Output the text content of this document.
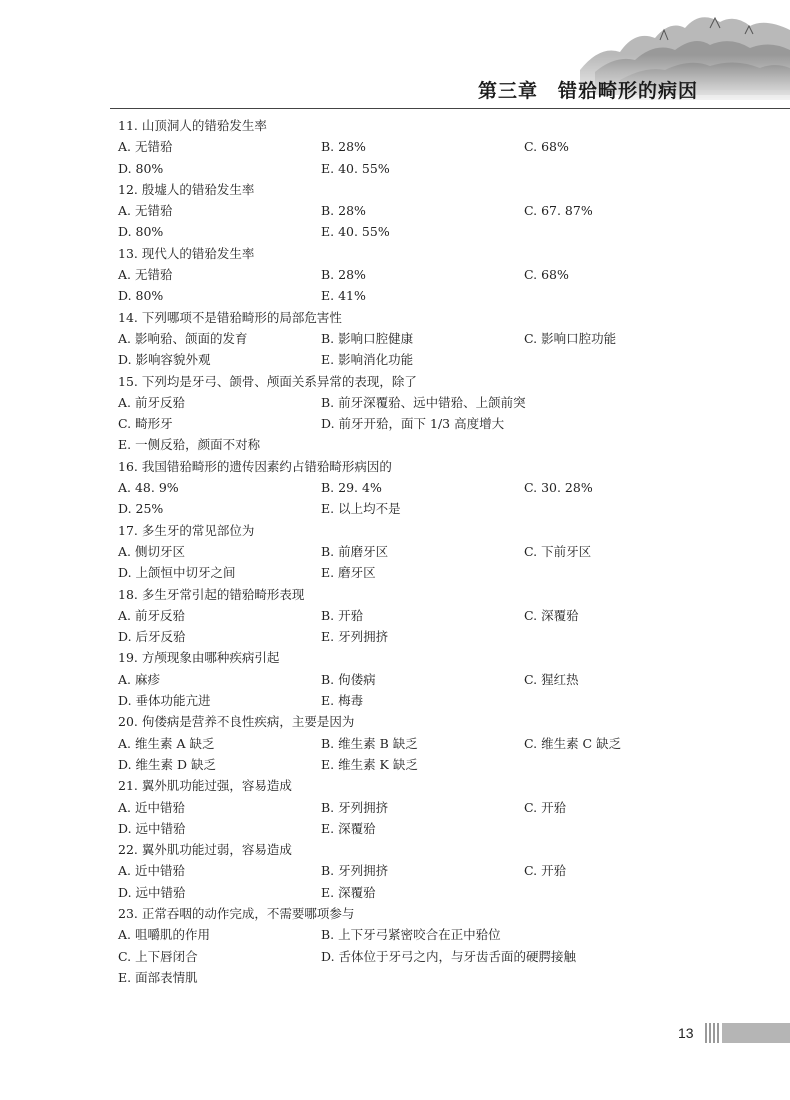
第三章　错𬌗畸形的病因
11. 山顶洞人的错𬌗发生率
A. 无错𬌗	B. 28%	C. 68%
D. 80%	E. 40. 55%
12. 殷墟人的错𬌗发生率
A. 无错𬌗	B. 28%	C. 67. 87%
D. 80%	E. 40. 55%
13. 现代人的错𬌗发生率
A. 无错𬌗	B. 28%	C. 68%
D. 80%	E. 41%
14. 下列哪项不是错𬌗畸形的局部危害性
A. 影响𬌗、颌面的发育	B. 影响口腔健康	C. 影响口腔功能
D. 影响容貌外观	E. 影响消化功能
15. 下列均是牙弓、颌骨、颅面关系异常的表现，除了
A. 前牙反𬌗	B. 前牙深覆𬌗、远中错𬌗、上颌前突
C. 畸形牙	D. 前牙开𬌗，面下 1/3 高度增大
E. 一侧反𬌗，颜面不对称
16. 我国错𬌗畸形的遗传因素约占错𬌗畸形病因的
A. 48. 9%	B. 29. 4%	C. 30. 28%
D. 25%	E. 以上均不是
17. 多生牙的常见部位为
A. 侧切牙区	B. 前磨牙区	C. 下前牙区
D. 上颌恒中切牙之间	E. 磨牙区
18. 多生牙常引起的错𬌗畸形表现
A. 前牙反𬌗	B. 开𬌗	C. 深覆𬌗
D. 后牙反𬌗	E. 牙列拥挤
19. 方颅现象由哪种疾病引起
A. 麻疹	B. 佝偻病	C. 猩红热
D. 垂体功能亢进	E. 梅毒
20. 佝偻病是营养不良性疾病，主要是因为
A. 维生素 A 缺乏	B. 维生素 B 缺乏	C. 维生素 C 缺乏
D. 维生素 D 缺乏	E. 维生素 K 缺乏
21. 翼外肌功能过强，容易造成
A. 近中错𬌗	B. 牙列拥挤	C. 开𬌗
D. 远中错𬌗	E. 深覆𬌗
22. 翼外肌功能过弱，容易造成
A. 近中错𬌗	B. 牙列拥挤	C. 开𬌗
D. 远中错𬌗	E. 深覆𬌗
23. 正常吞咽的动作完成，不需要哪项参与
A. 咀嚼肌的作用	B. 上下牙弓紧密咬合在正中𬌗位
C. 上下唇闭合	D. 舌体位于牙弓之内，与牙齿舌面的硬腭接触
E. 面部表情肌
13
